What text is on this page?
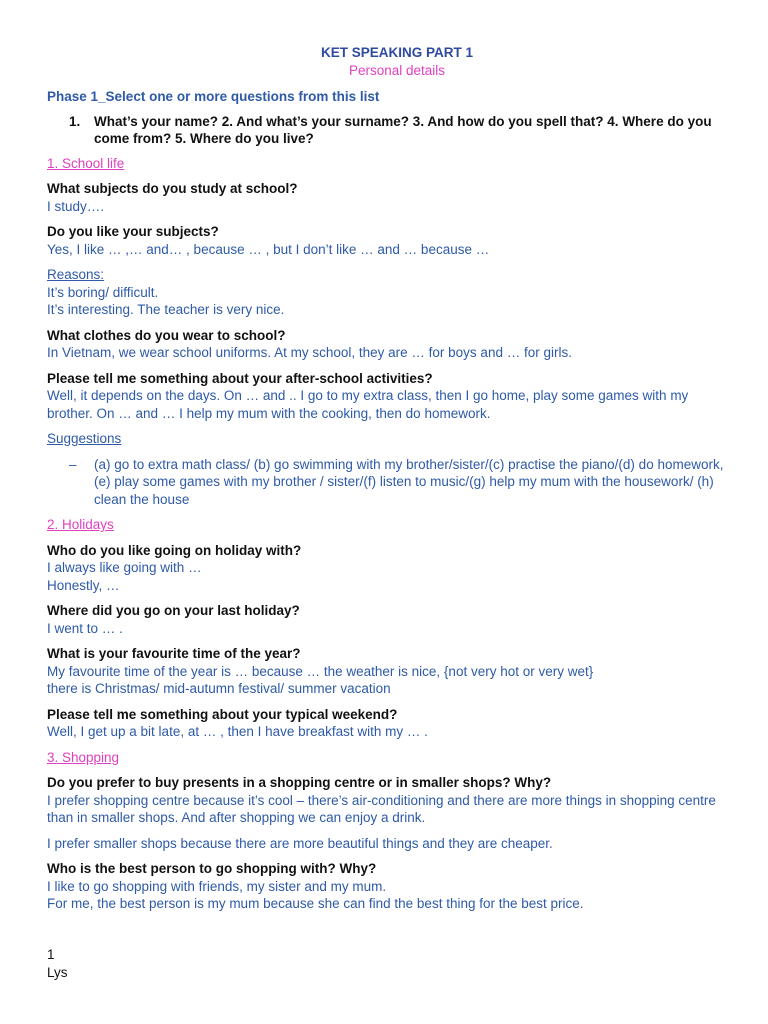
KET SPEAKING PART 1

Personal details

Phase 1_Select one or more questions from this list

1.	What’s your name? 2. And what’s your surname? 3. And how do you spell that? 4. Where do you come from? 5. Where do you live?

1. School life

What subjects do you study at school?

I study….

Do you like your subjects?

Yes, I like … ,… and… , because … , but I don’t like … and … because …

Reasons:

It’s boring/ difficult.

It’s interesting. The teacher is very nice.

What clothes do you wear to school?

In Vietnam, we wear school uniforms. At my school, they are … for boys and … for girls.

Please tell me something about your after-school activities?

Well, it depends on the days. On … and .. I go to my extra class, then I go home, play some games with my brother. On … and … I help my mum with the cooking, then do homework.

Suggestions

–	(a) go to extra math class/ (b) go swimming with my brother/sister/(c) practise the piano/(d) do homework, (e) play some games with my brother / sister/(f) listen to music/(g) help my mum with the housework/ (h) clean the house

2. Holidays

Who do you like going on holiday with?

I always like going with …

Honestly, …

Where did you go on your last holiday?

I went to … .

What is your favourite time of the year?

My favourite time of the year is … because … the weather is nice, {not very hot or very wet}

there is Christmas/ mid-autumn festival/ summer vacation

Please tell me something about your typical weekend?

Well, I get up a bit late, at … , then I have breakfast with my … .

3. Shopping

Do you prefer to buy presents in a shopping centre or in smaller shops? Why?

I prefer shopping centre because it’s cool – there’s air-conditioning and there are more things in shopping centre than in smaller shops. And after shopping we can enjoy a drink.

I prefer smaller shops because there are more beautiful things and they are cheaper.

Who is the best person to go shopping with? Why?

I like to go shopping with friends, my sister and my mum.

For me, the best person is my mum because she can find the best thing for the best price.

1
Lys
